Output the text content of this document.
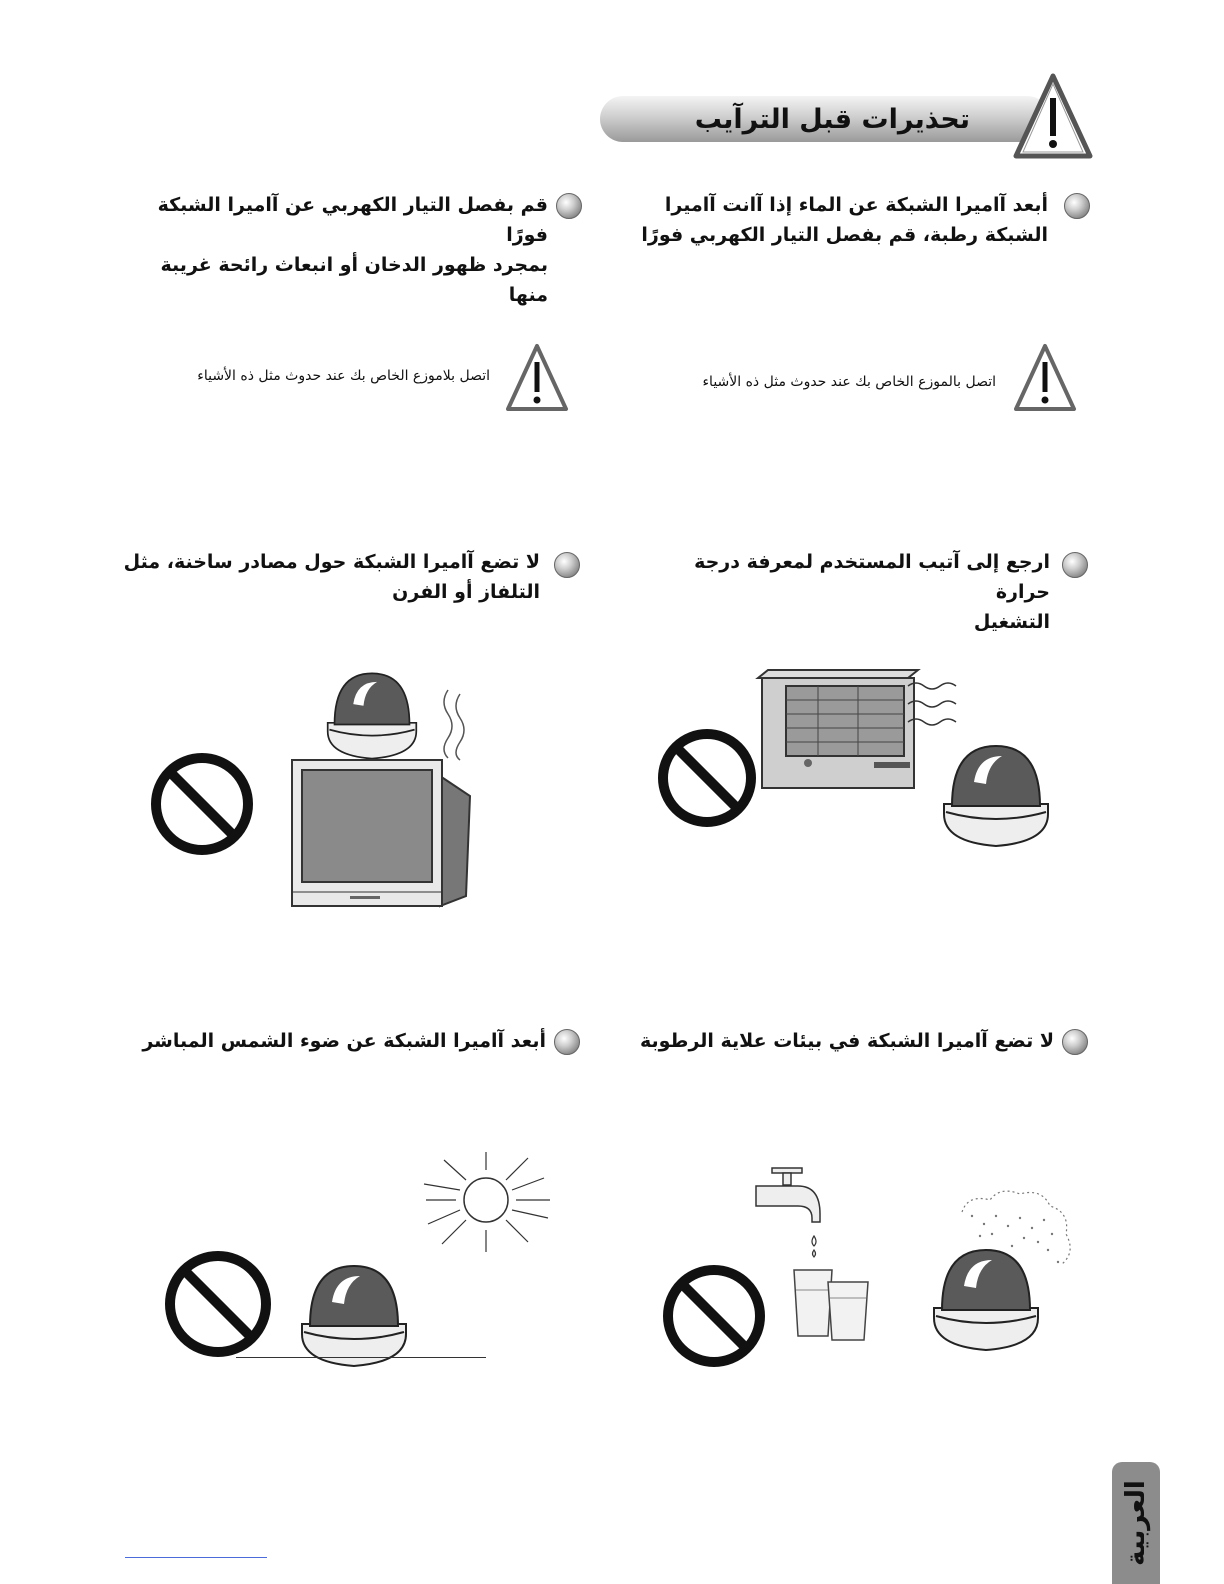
تحذيرات قبل الترآيب
أبعد آاميرا الشبكة عن الماء إذا آانت آاميرا
الشبكة رطبة، قم بفصل التيار الكهربي فورًا
قم بفصل التيار الكهربي عن آاميرا الشبكة فورًا
بمجرد ظهور الدخان أو انبعاث رائحة غريبة منها
اتصل بالموزع الخاص بك عند حدوث مثل ذه الأشياء
اتصل بلاموزع الخاص بك عند حدوث مثل ذه الأشياء
ارجع إلى آتيب المستخدم لمعرفة درجة حرارة
التشغيل
لا تضع آاميرا الشبكة حول مصادر ساخنة، مثل
التلفاز أو الفرن
لا تضع آاميرا الشبكة في بيئات علاية الرطوبة
أبعد آاميرا الشبكة عن ضوء الشمس المباشر
العربية
